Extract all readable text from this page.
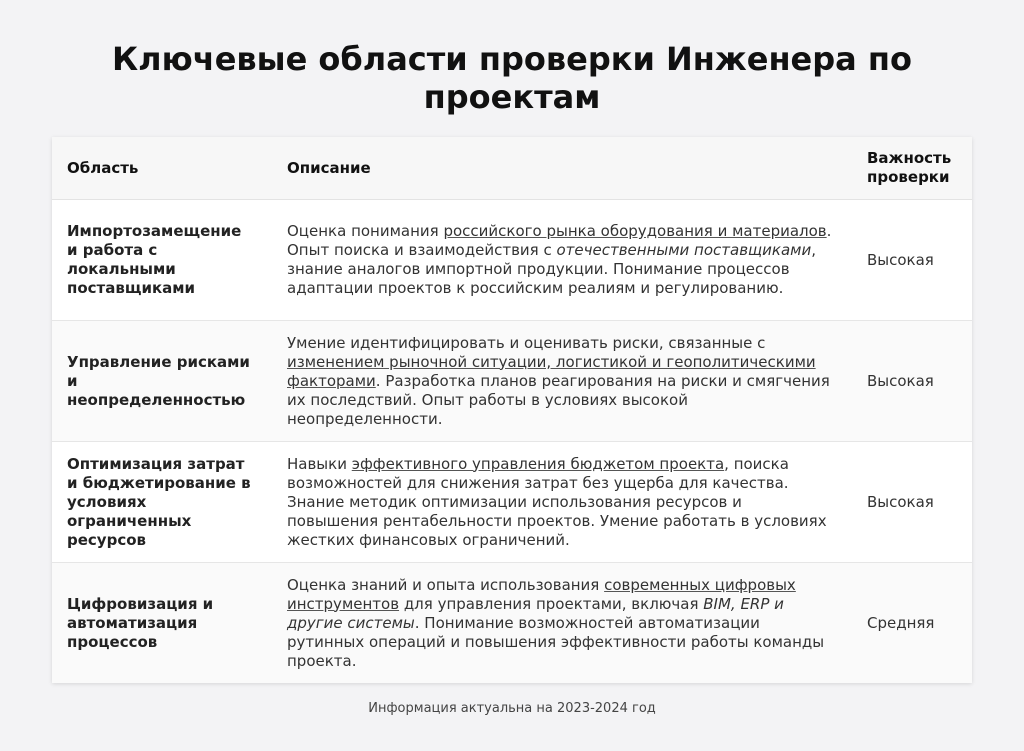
Ключевые области проверки Инженера по проектам
Область	Описание	Важность проверки
Импортозамещение и работа с локальными поставщиками	Оценка понимания российского рынка оборудования и материалов. Опыт поиска и взаимодействия с отечественными поставщиками, знание аналогов импортной продукции. Понимание процессов адаптации проектов к российским реалиям и регулированию.	Высокая
Управление рисками и неопределенностью	Умение идентифицировать и оценивать риски, связанные с изменением рыночной ситуации, логистикой и геополитическими факторами. Разработка планов реагирования на риски и смягчения их последствий. Опыт работы в условиях высокой неопределенности.	Высокая
Оптимизация затрат и бюджетирование в условиях ограниченных ресурсов	Навыки эффективного управления бюджетом проекта, поиска возможностей для снижения затрат без ущерба для качества. Знание методик оптимизации использования ресурсов и повышения рентабельности проектов. Умение работать в условиях жестких финансовых ограничений.	Высокая
Цифровизация и автоматизация процессов	Оценка знаний и опыта использования современных цифровых инструментов для управления проектами, включая BIM, ERP и другие системы. Понимание возможностей автоматизации рутинных операций и повышения эффективности работы команды проекта.	Средняя

Информация актуальна на 2023-2024 год
